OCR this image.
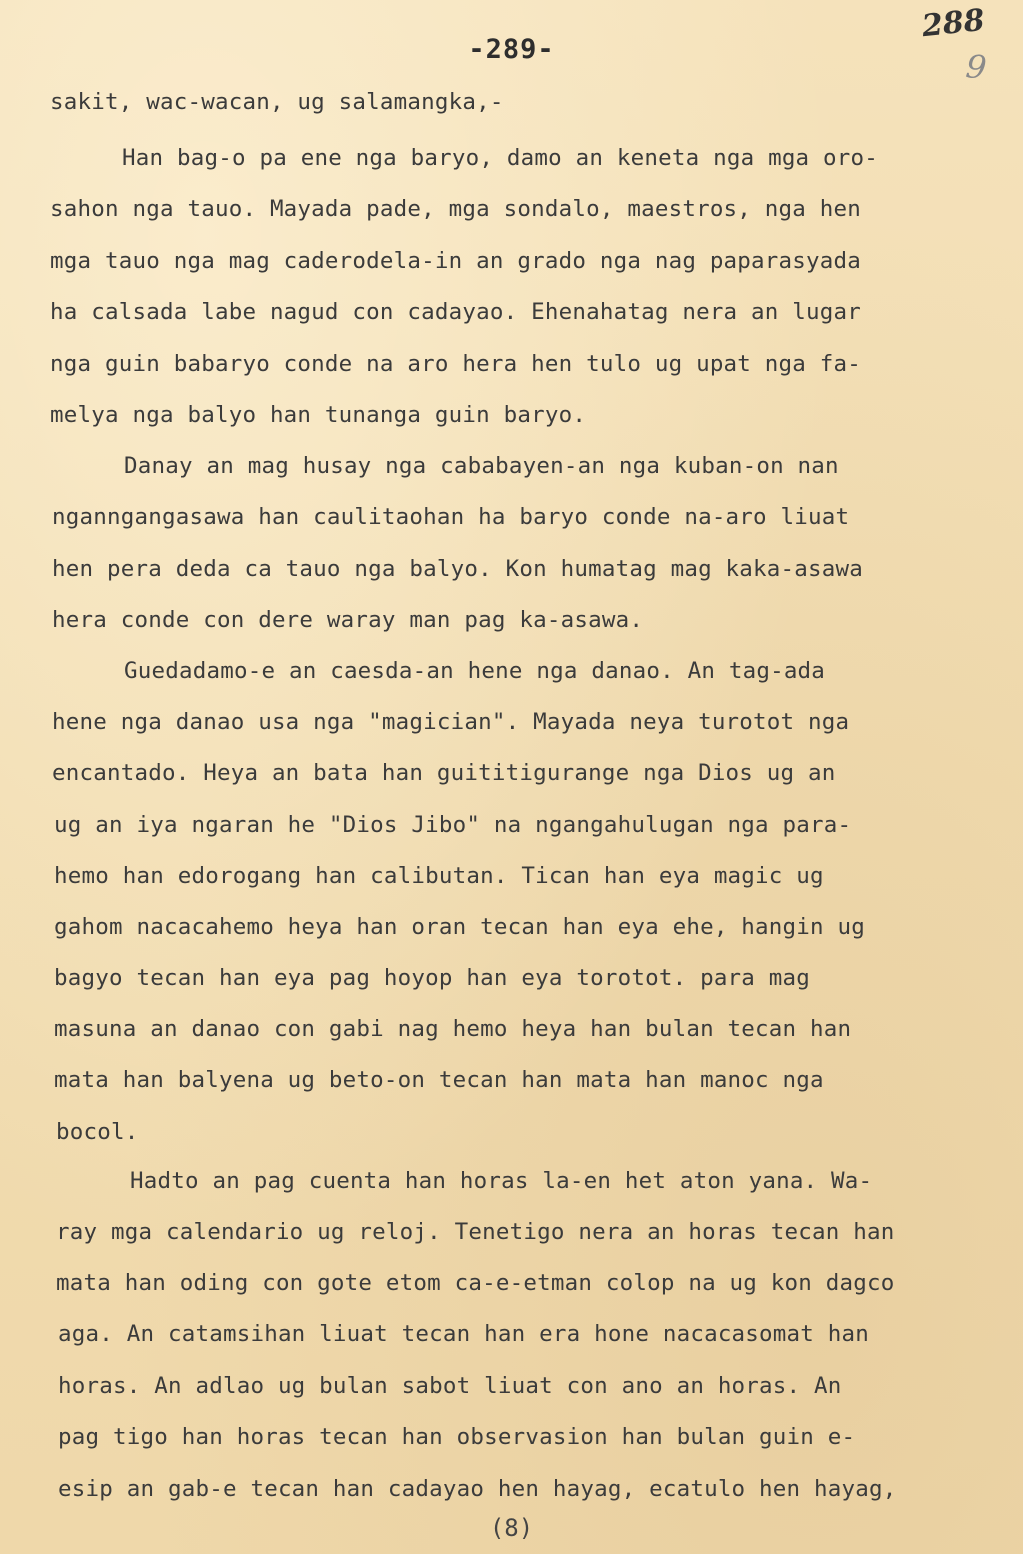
288
9
-289-
sakit, wac-wacan, ug salamangka,-
Han bag-o pa ene nga baryo, damo an keneta nga mga oro-
sahon nga tauo. Mayada pade, mga sondalo, maestros, nga hen
mga tauo nga mag caderodela-in an grado nga nag paparasyada
ha calsada labe nagud con cadayao. Ehenahatag nera an lugar
nga guin babaryo conde na aro hera hen tulo ug upat nga fa-
melya nga balyo han tunanga guin baryo.
Danay an mag husay nga cababayen-an nga kuban-on nan
nganngangasawa han caulitaohan ha baryo conde na-aro liuat
hen pera deda ca tauo nga balyo. Kon humatag mag kaka-asawa
hera conde con dere waray man pag ka-asawa.
Guedadamo-e an caesda-an hene nga danao. An tag-ada
hene nga danao usa nga "magician". Mayada neya turotot nga
encantado. Heya an bata han guititigurange nga Dios ug an
ug an iya ngaran he "Dios Jibo" na ngangahulugan nga para-
hemo han edorogang han calibutan. Tican han eya magic ug
gahom nacacahemo heya han oran tecan han eya ehe, hangin ug
bagyo tecan han eya pag hoyop han eya torotot. para mag
masuna an danao con gabi nag hemo heya han bulan tecan han
mata han balyena ug beto-on tecan han mata han manoc nga
bocol.
Hadto an pag cuenta han horas la-en het aton yana. Wa-
ray mga calendario ug reloj. Tenetigo nera an horas tecan han
mata han oding con gote etom ca-e-etman colop na ug kon dagco
aga. An catamsihan liuat tecan han era hone nacacasomat han
horas. An adlao ug bulan sabot liuat con ano an horas. An
pag tigo han horas tecan han observasion han bulan guin e-
esip an gab-e tecan han cadayao hen hayag, ecatulo hen hayag,
(8)
